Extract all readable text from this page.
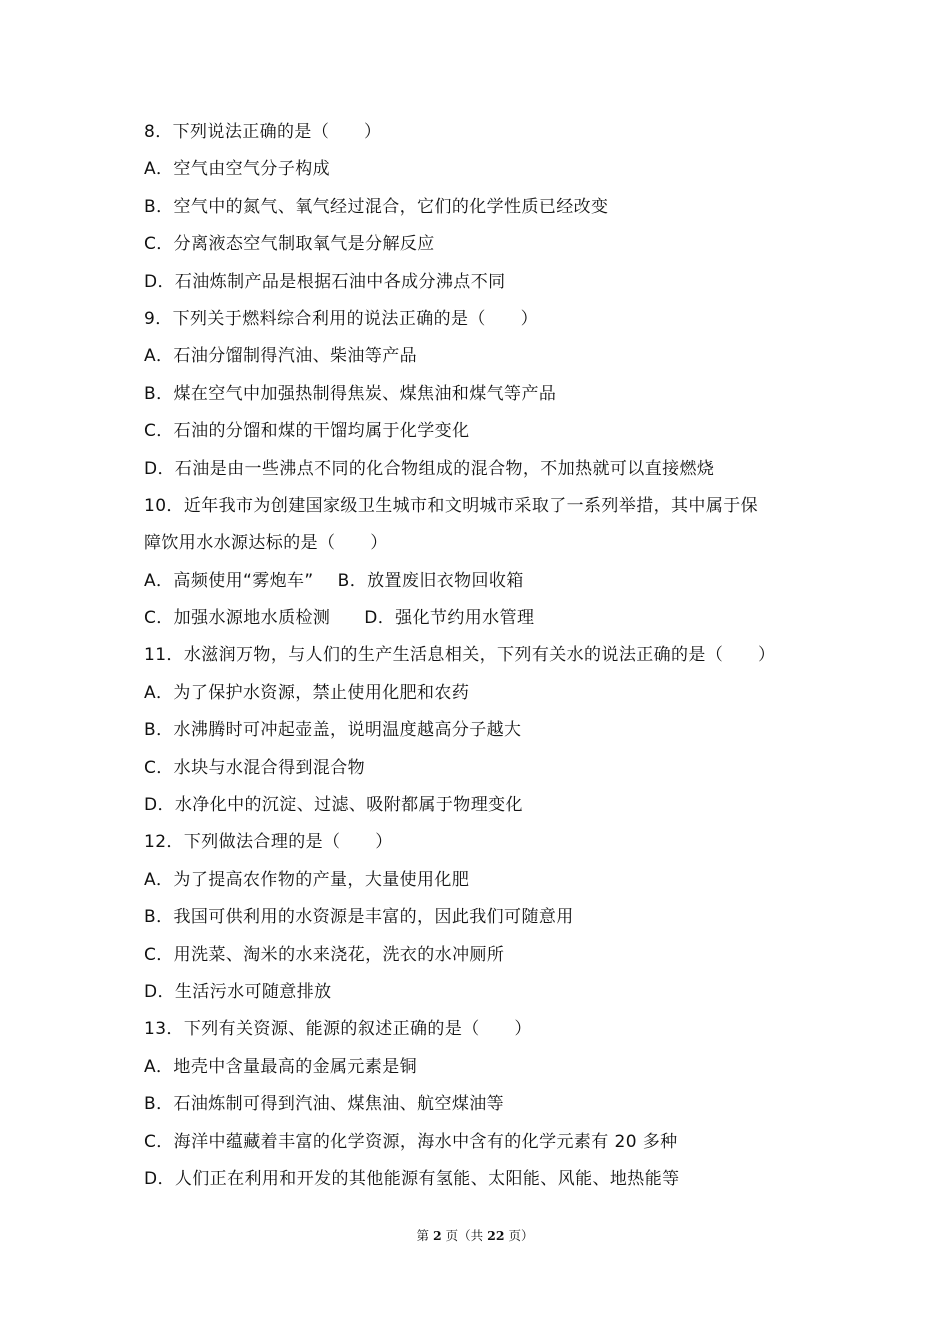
8．下列说法正确的是（　　）
A．空气由空气分子构成
B．空气中的氮气、氧气经过混合，它们的化学性质已经改变
C．分离液态空气制取氧气是分解反应
D．石油炼制产品是根据石油中各成分沸点不同
9．下列关于燃料综合利用的说法正确的是（　　）
A．石油分馏制得汽油、柴油等产品
B．煤在空气中加强热制得焦炭、煤焦油和煤气等产品
C．石油的分馏和煤的干馏均属于化学变化
D．石油是由一些沸点不同的化合物组成的混合物，不加热就可以直接燃烧
10．近年我市为创建国家级卫生城市和文明城市采取了一系列举措，其中属于保
障饮用水水源达标的是（　　）
A．高频使用“雾炮车” B．放置废旧衣物回收箱
C．加强水源地水质检测 D．强化节约用水管理
11．水滋润万物，与人们的生产生活息相关，下列有关水的说法正确的是（　　）
A．为了保护水资源，禁止使用化肥和农药
B．水沸腾时可冲起壶盖，说明温度越高分子越大
C．水块与水混合得到混合物
D．水净化中的沉淀、过滤、吸附都属于物理变化
12．下列做法合理的是（　　）
A．为了提高农作物的产量，大量使用化肥
B．我国可供利用的水资源是丰富的，因此我们可随意用
C．用洗菜、淘米的水来浇花，洗衣的水冲厕所
D．生活污水可随意排放
13．下列有关资源、能源的叙述正确的是（　　）
A．地壳中含量最高的金属元素是铜
B．石油炼制可得到汽油、煤焦油、航空煤油等
C．海洋中蕴藏着丰富的化学资源，海水中含有的化学元素有 20 多种
D．人们正在利用和开发的其他能源有氢能、太阳能、风能、地热能等
第 2 页（共 22 页）
